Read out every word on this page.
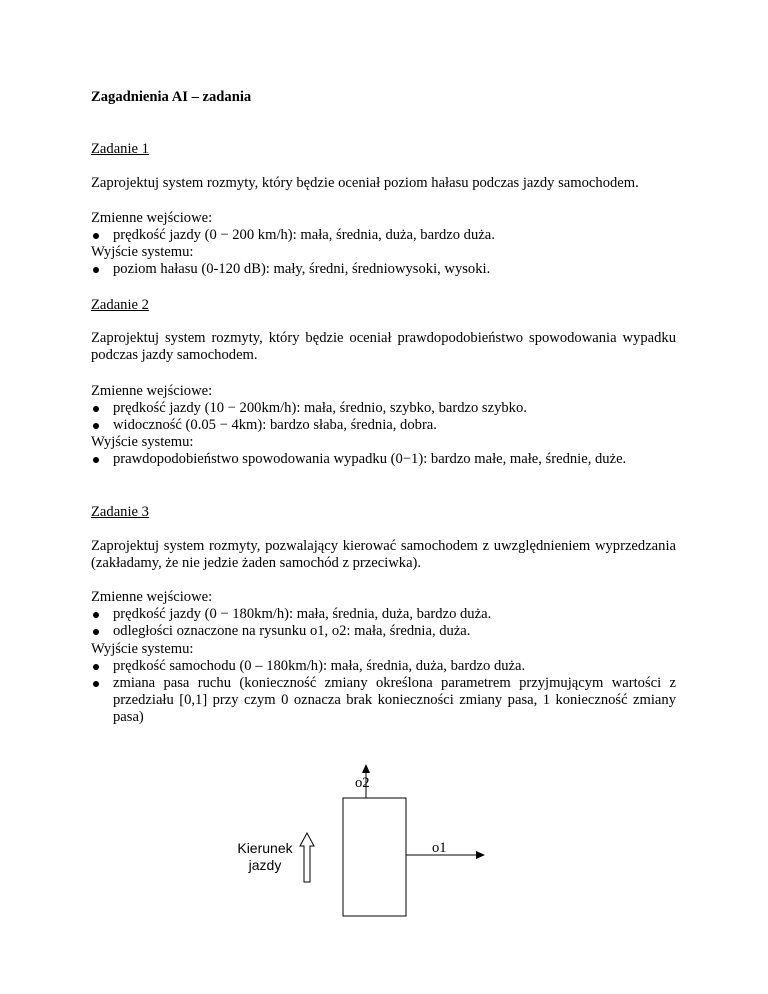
Zagadnienia AI – zadania
Zadanie 1
Zaprojektuj system rozmyty, który będzie oceniał poziom hałasu podczas jazdy samochodem.
Zmienne wejściowe:
prędkość jazdy (0 − 200 km/h): mała, średnia, duża, bardzo duża.
Wyjście systemu:
poziom hałasu (0-120 dB): mały, średni, średniowysoki, wysoki.
Zadanie 2
Zaprojektuj system rozmyty, który będzie oceniał prawdopodobieństwo spowodowania wypadku podczas jazdy samochodem.
Zmienne wejściowe:
prędkość jazdy (10 − 200km/h): mała, średnio, szybko, bardzo szybko.
widoczność (0.05 − 4km): bardzo słaba, średnia, dobra.
Wyjście systemu:
prawdopodobieństwo spowodowania wypadku (0−1): bardzo małe, małe, średnie, duże.
Zadanie 3
Zaprojektuj system rozmyty, pozwalający kierować samochodem z uwzględnieniem wyprzedzania (zakładamy, że nie jedzie żaden samochód z przeciwka).
Zmienne wejściowe:
prędkość jazdy (0 − 180km/h): mała, średnia, duża, bardzo duża.
odległości oznaczone na rysunku o1, o2: mała, średnia, duża.
Wyjście systemu:
prędkość samochodu (0 – 180km/h): mała, średnia, duża, bardzo duża.
zmiana pasa ruchu (konieczność zmiany określona parametrem przyjmującym wartości z przedziału [0,1] przy czym 0 oznacza brak konieczności zmiany pasa, 1 konieczność zmiany pasa)
o2
o1
Kierunek
jazdy
